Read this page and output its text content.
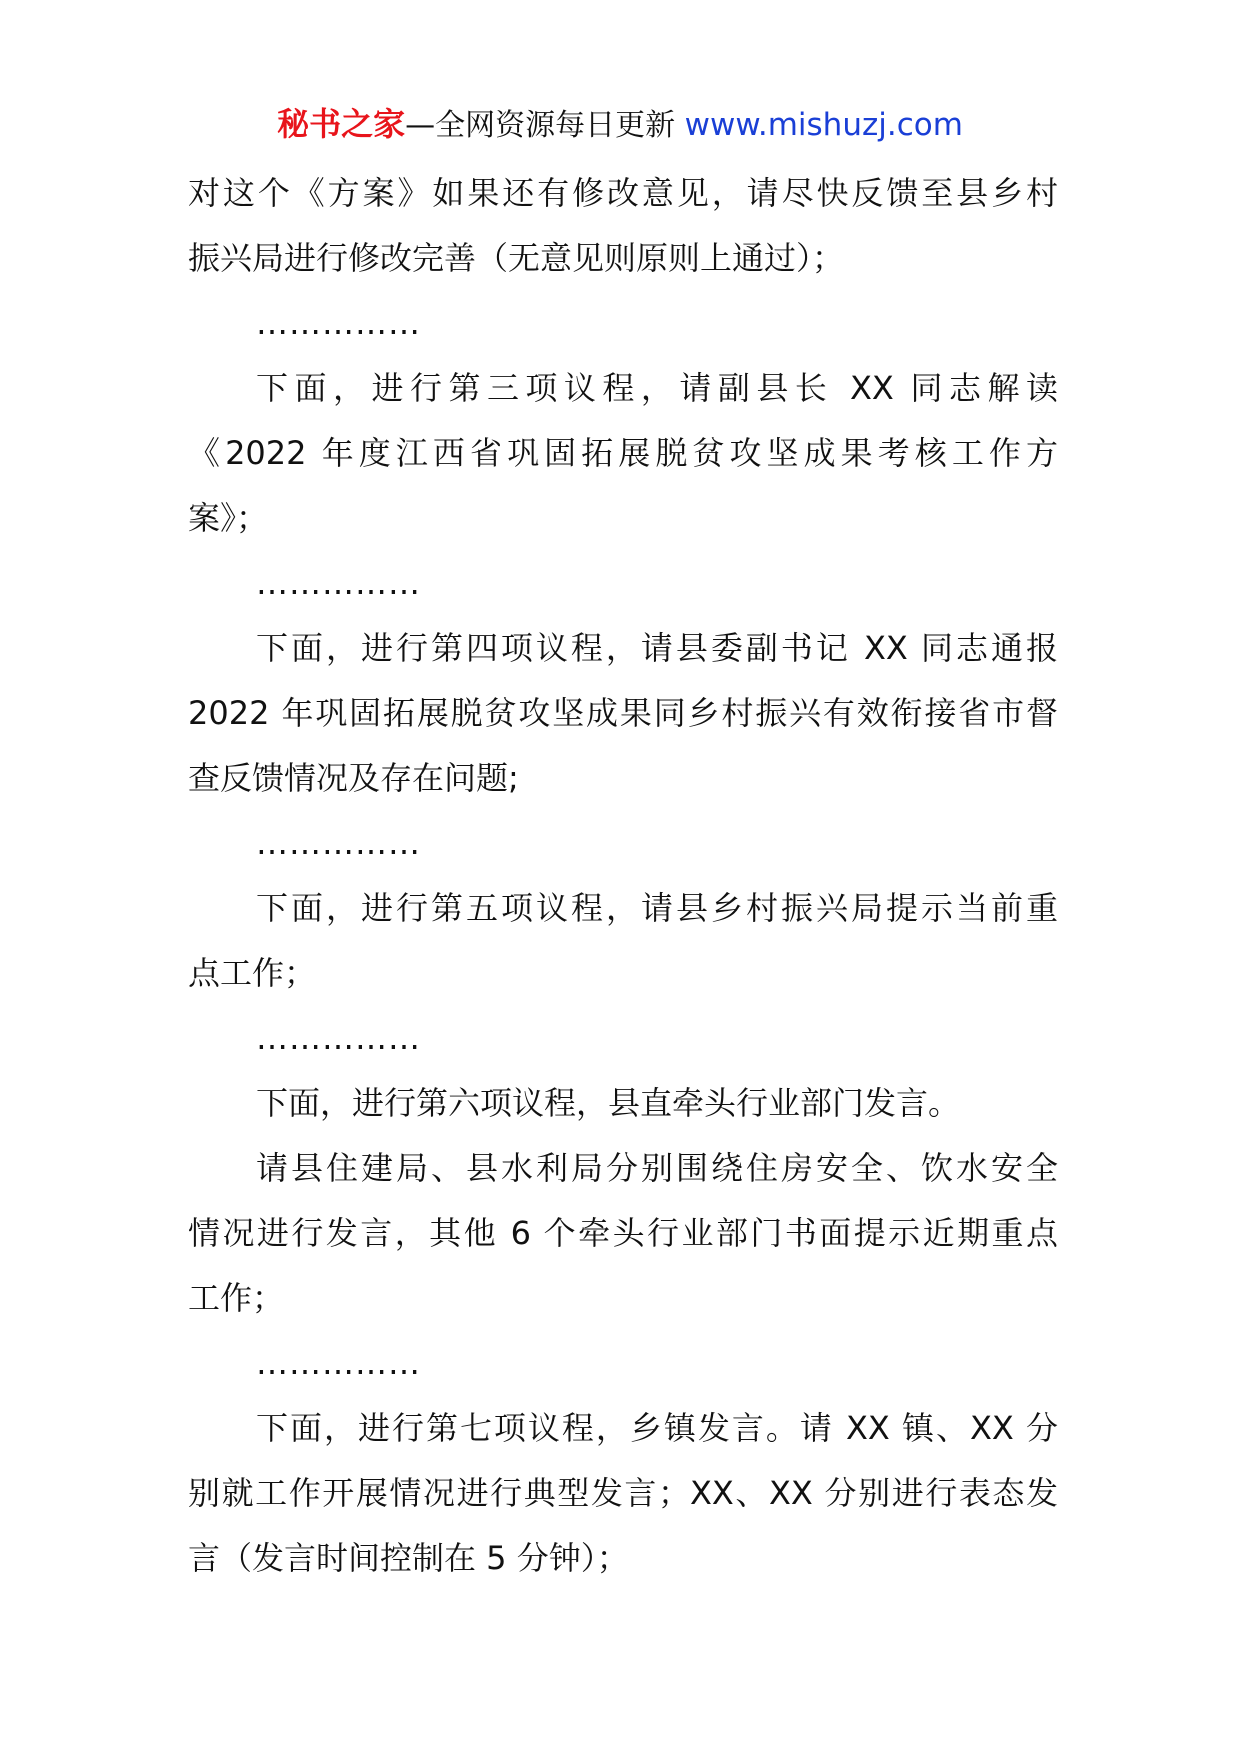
秘书之家—全网资源每日更新 www.mishuzj.com

对这个《方案》如果还有修改意见，请尽快反馈至县乡村

振兴局进行修改完善（无意见则原则上通过）；

……………

下面，进行第三项议程，请副县长 XX 同志解读

《2022 年度江西省巩固拓展脱贫攻坚成果考核工作方

案》；

……………

下面，进行第四项议程，请县委副书记 XX 同志通报

2022 年巩固拓展脱贫攻坚成果同乡村振兴有效衔接省市督

查反馈情况及存在问题;

……………

下面，进行第五项议程，请县乡村振兴局提示当前重

点工作；

……………

下面，进行第六项议程，县直牵头行业部门发言。

请县住建局、县水利局分别围绕住房安全、饮水安全

情况进行发言，其他 6 个牵头行业部门书面提示近期重点

工作；

……………

下面，进行第七项议程，乡镇发言。请 XX 镇、XX 分

别就工作开展情况进行典型发言；XX、XX 分别进行表态发

言（发言时间控制在 5 分钟）；
